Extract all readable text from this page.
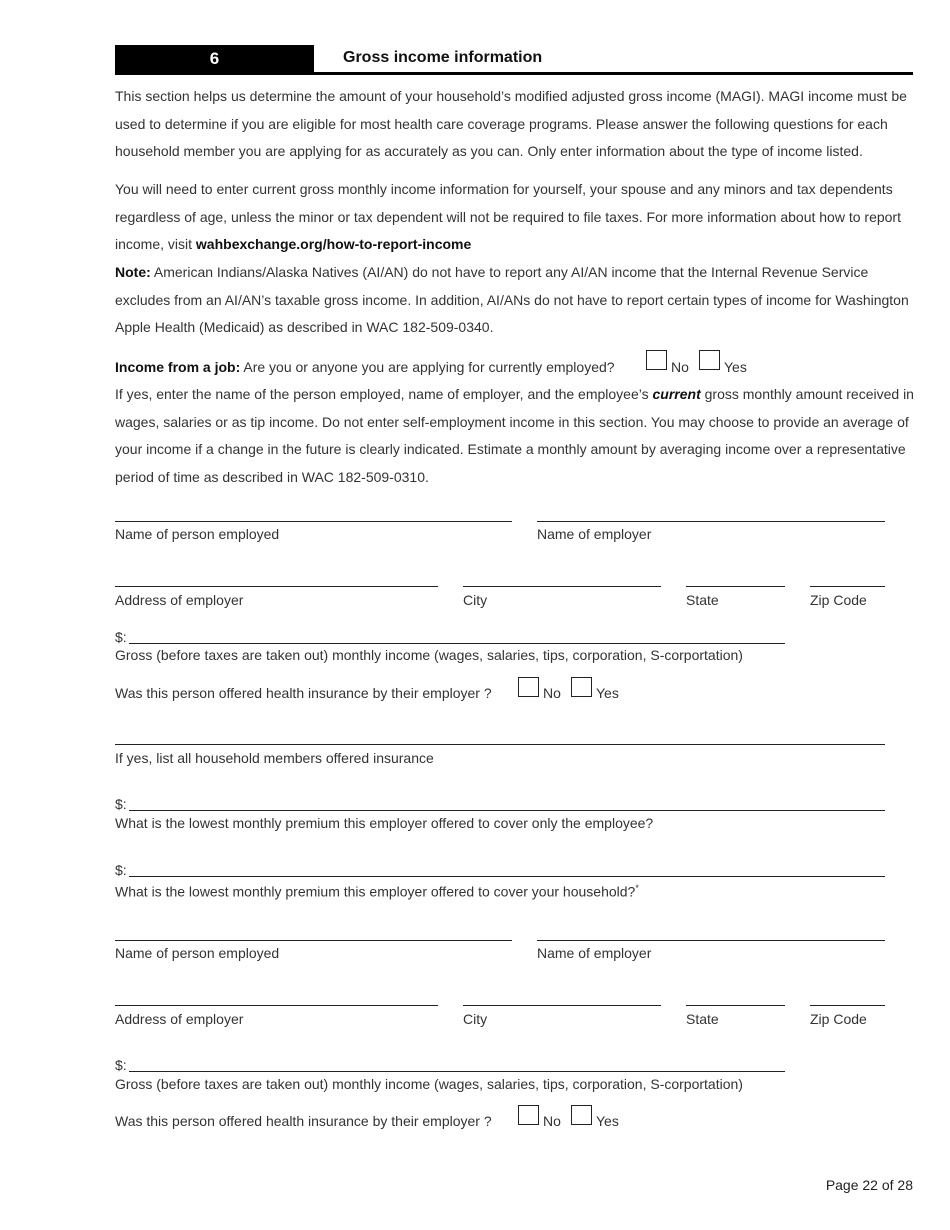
6	Gross income information

This section helps us determine the amount of your household’s modified adjusted gross income (MAGI). MAGI income must be used to determine if you are eligible for most health care coverage programs. Please answer the following questions for each household member you are applying for as accurately as you can. Only enter information about the type of income listed.

You will need to enter current gross monthly income information for yourself, your spouse and any minors and tax dependents regardless of age, unless the minor or tax dependent will not be required to file taxes. For more information about how to report income, visit wahbexchange.org/how-to-report-income

Note: American Indians/Alaska Natives (AI/AN) do not have to report any AI/AN income that the Internal Revenue Service excludes from an AI/AN’s taxable gross income. In addition, AI/ANs do not have to report certain types of income for Washington Apple Health (Medicaid) as described in WAC 182-509-0340.

Income from a job: Are you or anyone you are applying for currently employed?	No	Yes

If yes, enter the name of the person employed, name of employer, and the employee’s current gross monthly amount received in wages, salaries or as tip income. Do not enter self-employment income in this section. You may choose to provide an average of your income if a change in the future is clearly indicated. Estimate a monthly amount by averaging income over a representative period of time as described in WAC 182-509-0310.

Name of person employed	Name of employer
Address of employer	City	State	Zip Code
$:
Gross (before taxes are taken out) monthly income (wages, salaries, tips, corporation, S-corportation)
Was this person offered health insurance by their employer ?	No	Yes
If yes, list all household members offered insurance
$:
What is the lowest monthly premium this employer offered to cover only the employee?
$:
What is the lowest monthly premium this employer offered to cover your household?*
Name of person employed	Name of employer
Address of employer	City	State	Zip Code
$:
Gross (before taxes are taken out) monthly income (wages, salaries, tips, corporation, S-corportation)
Was this person offered health insurance by their employer ?	No	Yes
Page 22 of 28
